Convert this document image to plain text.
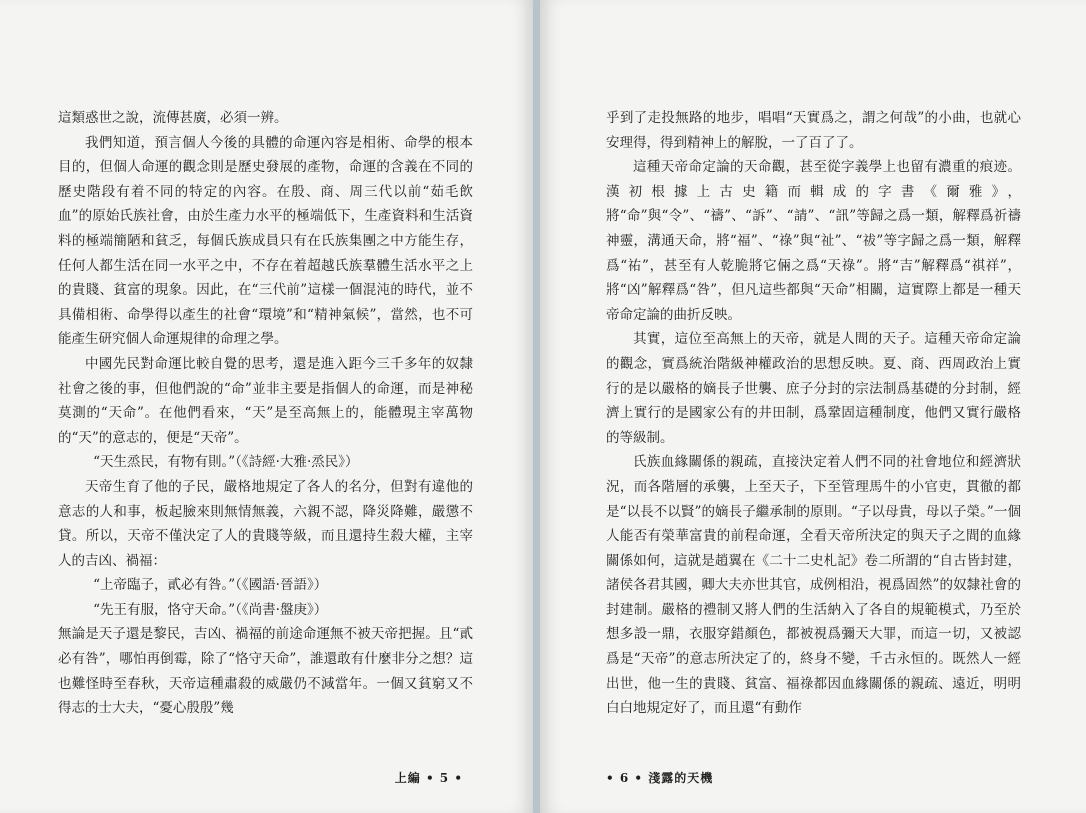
這類惑世之說，流傳甚廣，必須一辨。

我們知道，預言個人今後的具體的命運內容是相術、命學的根本目的，但個人命運的觀念則是歷史發展的產物，命運的含義在不同的歷史階段有着不同的特定的內容。在殷、商、周三代以前“茹毛飲血”的原始氏族社會，由於生產力水平的極端低下，生產資料和生活資料的極端簡陋和貧乏，每個氏族成員只有在氏族集團之中方能生存，任何人都生活在同一水平之中，不存在着超越氏族羣體生活水平之上的貴賤、貧富的現象。因此，在“三代前”這樣一個混沌的時代，並不具備相術、命學得以產生的社會“環境”和“精神氣候”，當然，也不可能產生研究個人命運規律的命理之學。

中國先民對命運比較自覺的思考，還是進入距今三千多年的奴隸社會之後的事，但他們說的“命”並非主要是指個人的命運，而是神秘莫測的“天命”。在他們看來，“天”是至高無上的，能體現主宰萬物的“天”的意志的，便是“天帝”。

“天生烝民，有物有則。”（《詩經·大雅·烝民》）

天帝生育了他的子民，嚴格地規定了各人的名分，但對有違他的意志的人和事，板起臉來則無情無義，六親不認，降災降難，嚴懲不貸。所以，天帝不僅決定了人的貴賤等級，而且還持生殺大權，主宰人的吉凶、禍福：

“上帝臨子，貳必有咎。”（《國語·晉語》）

“先王有服，恪守天命。”（《尚書·盤庚》）

無論是天子還是黎民，吉凶、禍福的前途命運無不被天帝把握。且“貳必有咎”，哪怕再倒霉，除了“恪守天命”，誰還敢有什麼非分之想？這也難怪時至春秋，天帝這種肅殺的威嚴仍不減當年。一個又貧窮又不得志的士大夫，“憂心殷殷”幾

上編 • 5 •

乎到了走投無路的地步，唱唱“天實爲之，謂之何哉”的小曲，也就心安理得，得到精神上的解脫，一了百了了。

這種天帝命定論的天命觀，甚至從字義學上也留有濃重的痕迹。漢初根據上古史籍而輯成的字書《爾雅》，將“命”與“令”、“禱”、“訴”、“請”、“訊”等歸之爲一類，解釋爲祈禱神靈，溝通天命，將“福”、“祿”與“祉”、“祓”等字歸之爲一類，解釋爲“祐”，甚至有人乾脆將它倆之爲“天祿”。將“吉”解釋爲“祺祥”，將“凶”解釋爲“咎”，但凡這些都與“天命”相關，這實際上都是一種天帝命定論的曲折反映。

其實，這位至高無上的天帝，就是人間的天子。這種天帝命定論的觀念，實爲統治階級神權政治的思想反映。夏、商、西周政治上實行的是以嚴格的嫡長子世襲、庶子分封的宗法制爲基礎的分封制，經濟上實行的是國家公有的井田制，爲鞏固這種制度，他們又實行嚴格的等級制。

氏族血緣關係的親疏，直接決定着人們不同的社會地位和經濟狀況，而各階層的承襲，上至天子，下至管理馬牛的小官吏，貫徹的都是“以長不以賢”的嫡長子繼承制的原則。“子以母貴，母以子榮。”一個人能否有榮華富貴的前程命運，全看天帝所決定的與天子之間的血緣關係如何，這就是趙翼在《二十二史札記》卷二所謂的“自古皆封建，諸侯各君其國，卿大夫亦世其官，成例相沿，視爲固然”的奴隸社會的封建制。嚴格的禮制又將人們的生活納入了各自的規範模式，乃至於想多設一鼎，衣服穿錯顏色，都被視爲彌天大罪，而這一切，又被認爲是“天帝”的意志所決定了的，終身不變，千古永恒的。既然人一經出世，他一生的貴賤、貧富、福祿都因血緣關係的親疏、遠近，明明白白地規定好了，而且還“有動作

• 6 • 淺露的天機
